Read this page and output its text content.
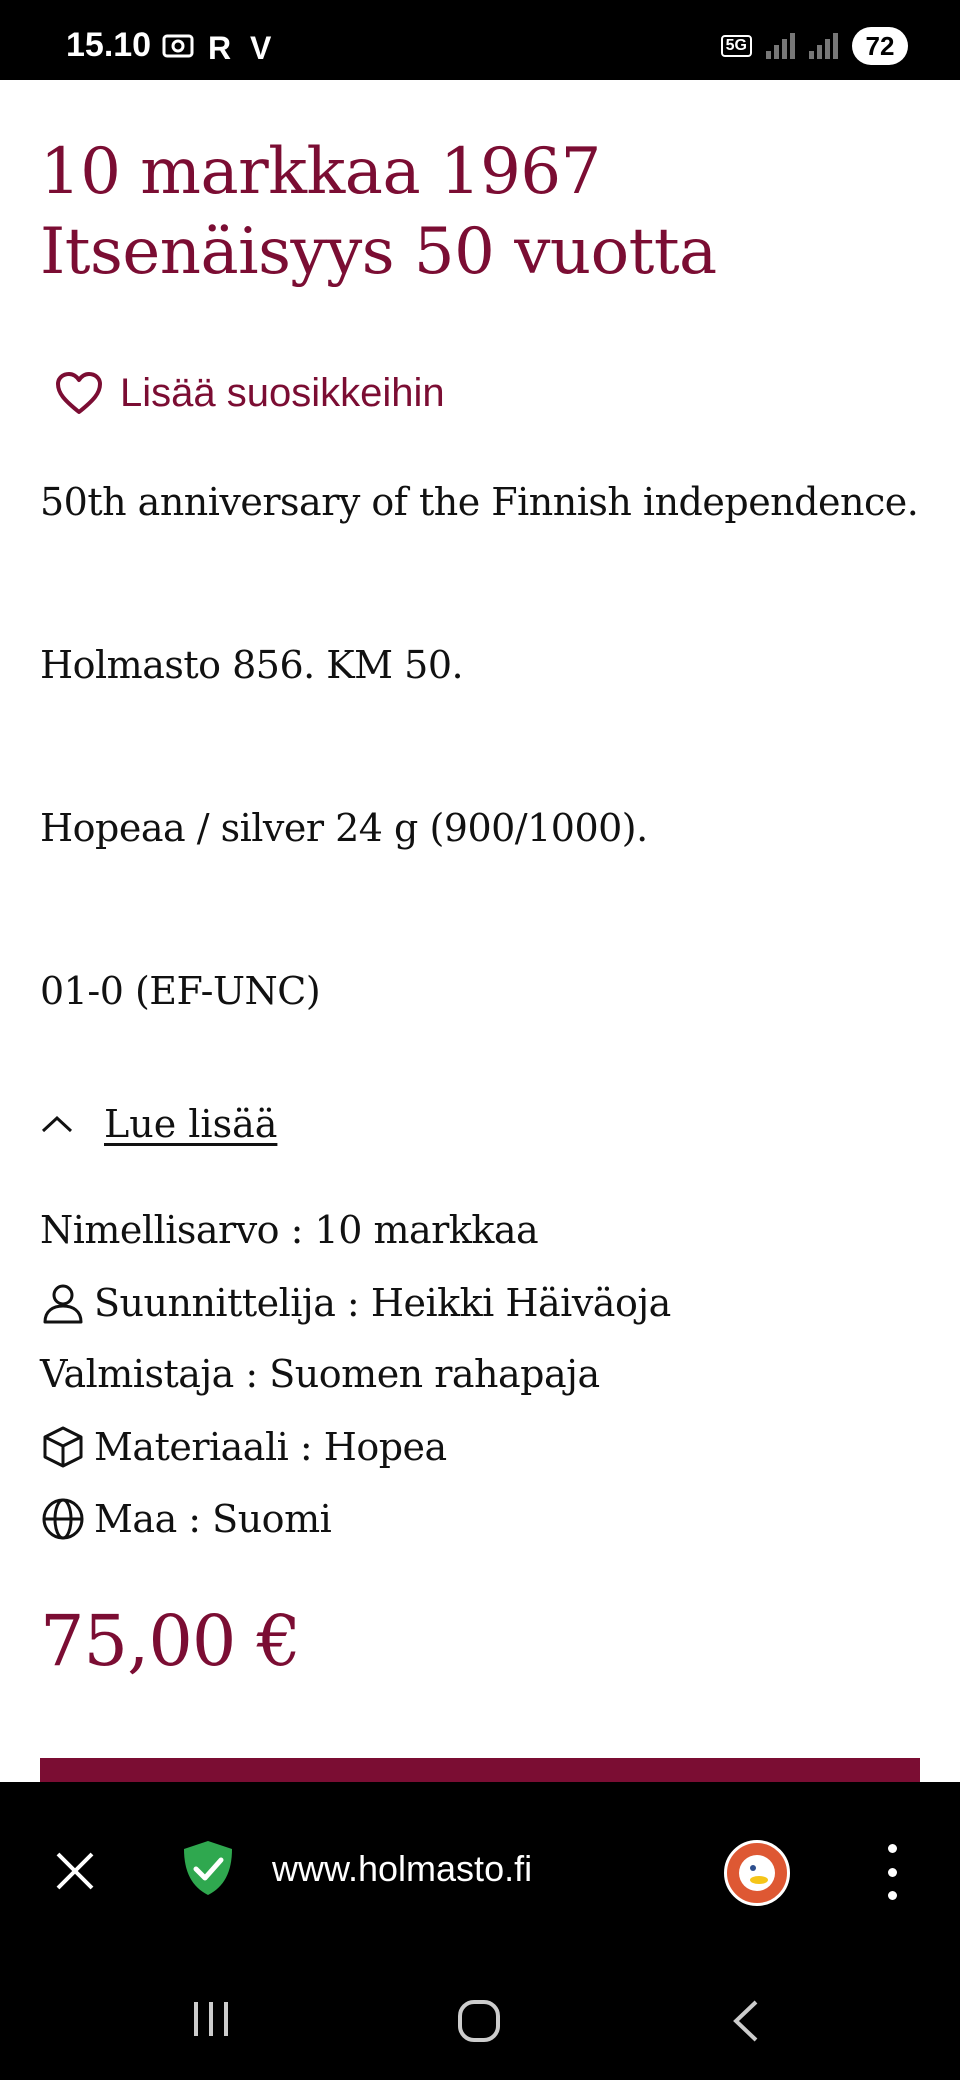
15.10 R V	5G	72
10 markkaa 1967
Itsenäisyys 50 vuotta
Lisää suosikkeihin

50th anniversary of the Finnish independence.

Holmasto 856. KM 50.

Hopeaa / silver 24 g (900/1000).

01-0 (EF-UNC)

Lue lisää
Nimellisarvo : 10 markkaa
Suunnittelija : Heikki Häiväoja
Valmistaja : Suomen rahapaja
Materiaali : Hopea
Maa : Suomi
75,00 €
www.holmasto.fi
